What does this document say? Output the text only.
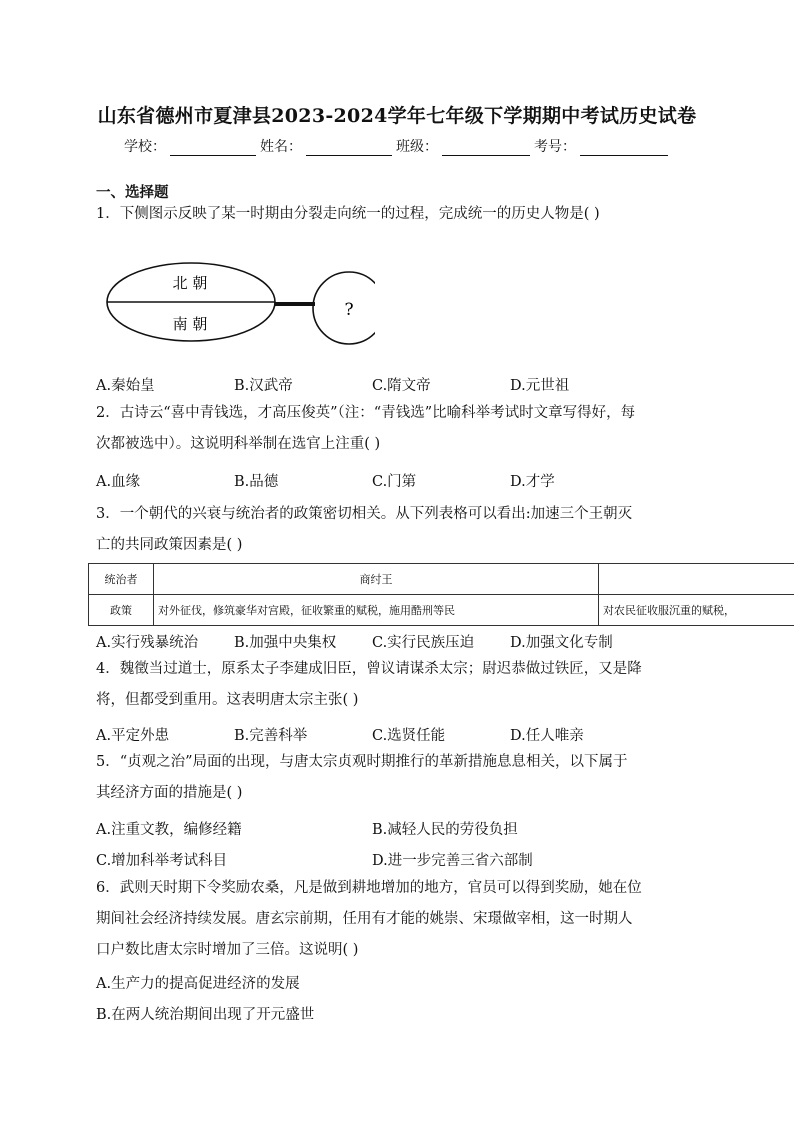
山东省德州市夏津县2023-2024学年七年级下学期期中考试历史试卷
学校：	姓名：	班级：	考号：
一、选择题
1．下侧图示反映了某一时期由分裂走向统一的过程，完成统一的历史人物是( )
北 朝
南 朝
?
A.秦始皇	B.汉武帝	C.隋文帝	D.元世祖
2．古诗云“喜中青钱选，才高压俊英”（注：“青钱选”比喻科举考试时文章写得好，每
次都被选中）。这说明科举制在选官上注重( )
A.血缘	B.品德	C.门第	D.才学
3．一个朝代的兴衰与统治者的政策密切相关。从下列表格可以看出:加速三个王朝灭
亡的共同政策因素是( )
统治者	商纣王	
政策	对外征伐，修筑豪华对宫殿，征收繁重的赋税，施用酷刑等民	对农民征收服沉重的赋税，
A.实行残暴统治	B.加强中央集权	C.实行民族压迫	D.加强文化专制
4．魏徵当过道士，原系太子李建成旧臣，曾议请谋杀太宗；尉迟恭做过铁匠，又是降
将，但都受到重用。这表明唐太宗主张( )
A.平定外患	B.完善科举	C.选贤任能	D.任人唯亲
5．“贞观之治”局面的出现，与唐太宗贞观时期推行的革新措施息息相关，以下属于
其经济方面的措施是( )
A.注重文教，编修经籍	B.减轻人民的劳役负担
C.增加科举考试科目	D.进一步完善三省六部制
6．武则天时期下令奖励农桑，凡是做到耕地增加的地方，官员可以得到奖励，她在位
期间社会经济持续发展。唐玄宗前期，任用有才能的姚崇、宋璟做宰相，这一时期人
口户数比唐太宗时增加了三倍。这说明( )
A.生产力的提高促进经济的发展
B.在两人统治期间出现了开元盛世
